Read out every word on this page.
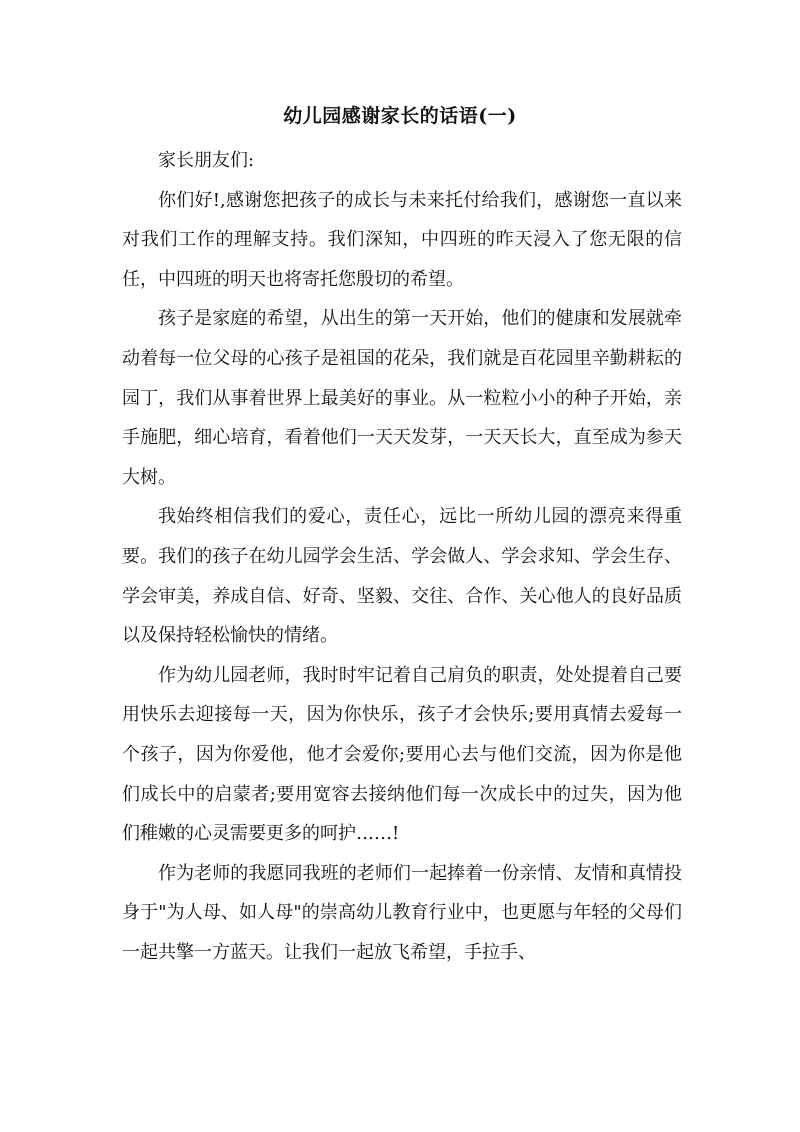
幼儿园感谢家长的话语(一)

家长朋友们:

你们好!,感谢您把孩子的成长与未来托付给我们，感谢您一直以来对我们工作的理解支持。我们深知，中四班的昨天浸入了您无限的信任，中四班的明天也将寄托您殷切的希望。

孩子是家庭的希望，从出生的第一天开始，他们的健康和发展就牵动着每一位父母的心孩子是祖国的花朵，我们就是百花园里辛勤耕耘的园丁，我们从事着世界上最美好的事业。从一粒粒小小的种子开始，亲手施肥，细心培育，看着他们一天天发芽，一天天长大，直至成为参天大树。

我始终相信我们的爱心，责任心，远比一所幼儿园的漂亮来得重要。我们的孩子在幼儿园学会生活、学会做人、学会求知、学会生存、学会审美，养成自信、好奇、坚毅、交往、合作、关心他人的良好品质以及保持轻松愉快的情绪。

作为幼儿园老师，我时时牢记着自己肩负的职责，处处提着自己要用快乐去迎接每一天，因为你快乐，孩子才会快乐;要用真情去爱每一个孩子，因为你爱他，他才会爱你;要用心去与他们交流，因为你是他们成长中的启蒙者;要用宽容去接纳他们每一次成长中的过失，因为他们稚嫩的心灵需要更多的呵护……!

作为老师的我愿同我班的老师们一起捧着一份亲情、友情和真情投身于"为人母、如人母"的崇高幼儿教育行业中，也更愿与年轻的父母们一起共擎一方蓝天。让我们一起放飞希望，手拉手、
